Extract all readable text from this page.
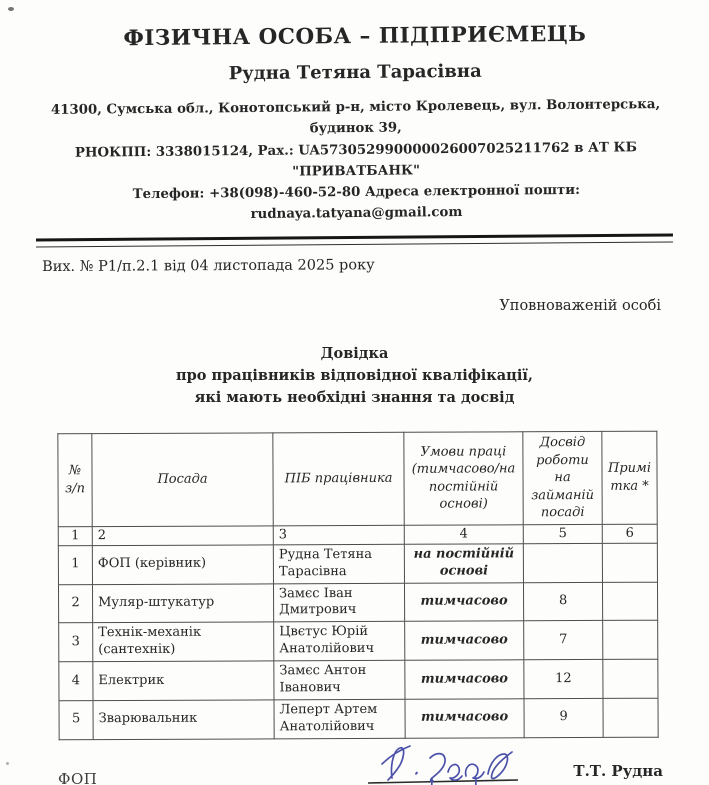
ФІЗИЧНА ОСОБА – ПІДПРИЄМЕЦЬ
Рудна Тетяна Тарасівна
41300, Сумська обл., Конотопський р-н, місто Кролевець, вул. Волонтерська, будинок 39,
РНОКПП: 3338015124, Рах.: UA573052990000026007025211762 в АТ КБ "ПРИВАТБАНК"
Телефон: +38(098)-460-52-80 Адреса електронної пошти: rudnaya.tatyana@gmail.com
Вих. № Р1/п.2.1 від 04 листопада 2025 року
Уповноваженій особі
Довідка
про працівників відповідної кваліфікації,
які мають необхідні знання та досвід
№ з/п	Посада	ПІБ працівника	Умови праці (тимчасово/на постійній основі)	Досвід роботи на займаній посаді	Примітка *
1	2	3	4	5	6
1	ФОП (керівник)	Рудна Тетяна Тарасівна	на постійній основі		
2	Муляр-штукатур	Замєс Іван Дмитрович	тимчасово	8	
3	Технік-механік (сантехнік)	Цвєтус Юрій Анатолійович	тимчасово	7	
4	Електрик	Замєс Антон Іванович	тимчасово	12	
5	Зварювальник	Леперт Артем Анатолійович	тимчасово	9	
ФОП	Т.Т. Рудна
